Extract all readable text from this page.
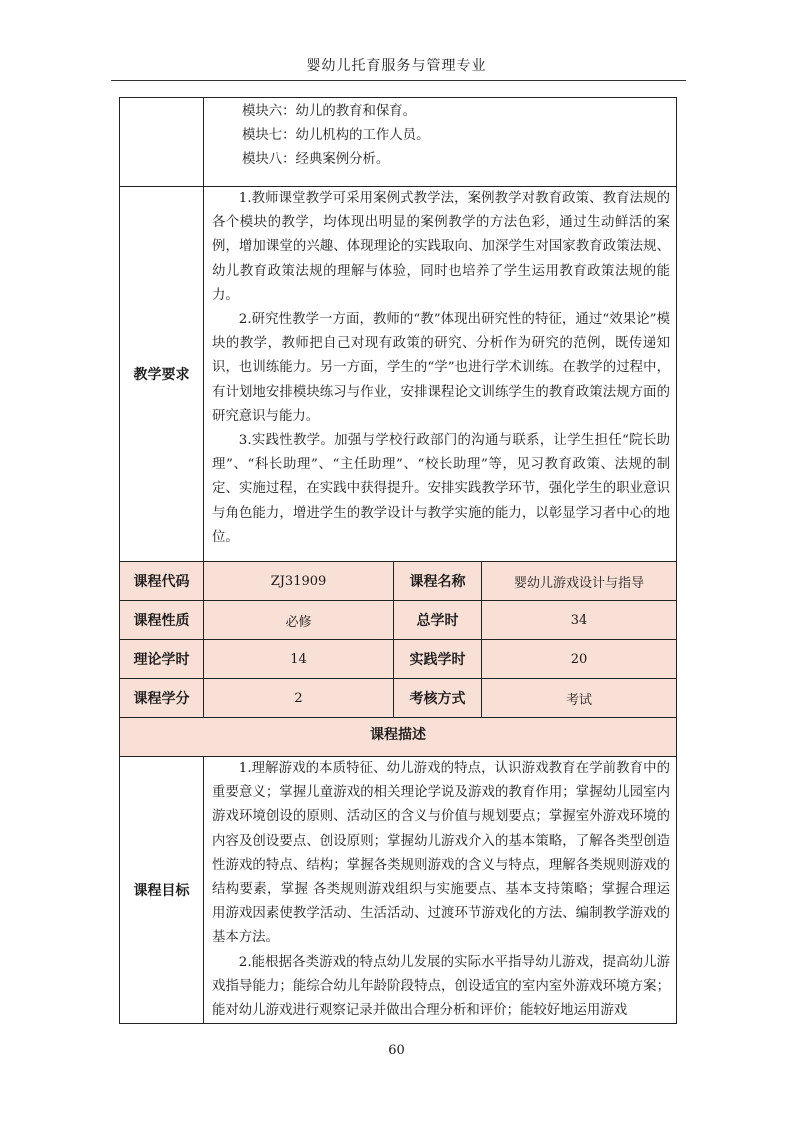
婴幼儿托育服务与管理专业

	模块六：幼儿的教育和保育。

模块七：幼儿机构的工作人员。

模块八：经典案例分析。		

教学要求	1.教师课堂教学可采用案例式教学法，案例教学对教育政策、教育法规的各个模块的教学，均体现出明显的案例教学的方法色彩，通过生动鲜活的案例，增加课堂的兴趣、体现理论的实践取向、加深学生对国家教育政策法规、幼儿教育政策法规的理解与体验，同时也培养了学生运用教育政策法规的能力。

2.研究性教学一方面，教师的“教”体现出研究性的特征，通过“效果论”模块的教学，教师把自己对现有政策的研究、分析作为研究的范例，既传递知识，也训练能力。另一方面，学生的“学”也进行学术训练。在教学的过程中，有计划地安排模块练习与作业，安排课程论文训练学生的教育政策法规方面的研究意识与能力。

3.实践性教学。加强与学校行政部门的沟通与联系，让学生担任“院长助理”、“科长助理”、“主任助理”、“校长助理”等，见习教育政策、法规的制定、实施过程，在实践中获得提升。安排实践教学环节，强化学生的职业意识与角色能力，增进学生的教学设计与教学实施的能力，以彰显学习者中心的地位。		

课程代码	ZJ31909	课程名称	婴幼儿游戏设计与指导
课程性质	必修	总学时	34
理论学时	14	实践学时	20
课程学分	2	考核方式	考试
课程描述			
课程目标	1.理解游戏的本质特征、幼儿游戏的特点，认识游戏教育在学前教育中的 重要意义；掌握儿童游戏的相关理论学说及游戏的教育作用；掌握幼儿园室内游戏环境创设的原则、活动区的含义与价值与规划要点；掌握室外游戏环境的内容及创设要点、创设原则；掌握幼儿游戏介入的基本策略，了解各类型创造性游戏的特点、结构；掌握各类规则游戏的含义与特点，理解各类规则游戏的结构要素，掌握 各类规则游戏组织与实施要点、基本支持策略；掌握合理运用游戏因素使教学活动、生活活动、过渡环节游戏化的方法、编制教学游戏的基本方法。

2.能根据各类游戏的特点幼儿发展的实际水平指导幼儿游戏，提高幼儿游戏指导能力；能综合幼儿年龄阶段特点，创设适宜的室内室外游戏环境方案；能对幼儿游戏进行观察记录并做出合理分析和评价；能较好地运用游戏		

60
